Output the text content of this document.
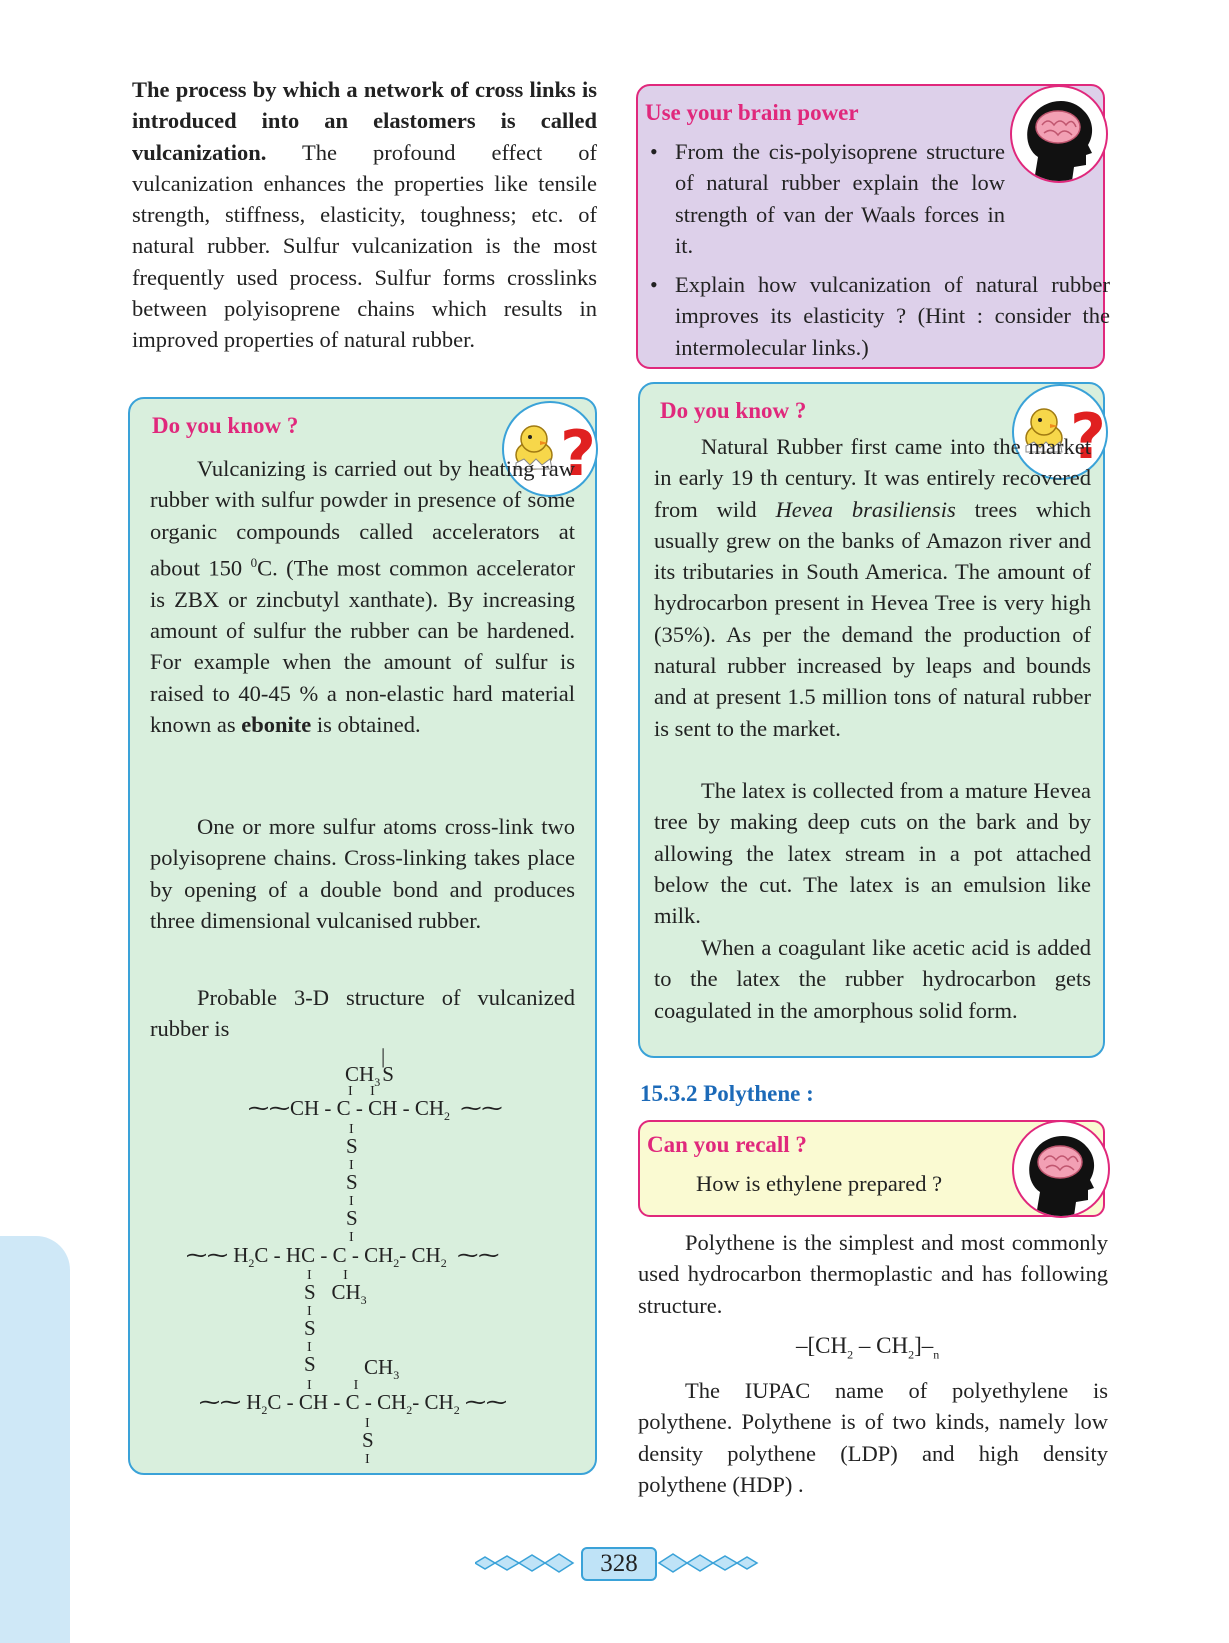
The process by which a network of cross links is introduced into an elastomers is called vulcanization. The profound effect of vulcanization enhances the properties like tensile strength, stiffness, elasticity, toughness; etc. of natural rubber. Sulfur vulcanization is the most frequently used process. Sulfur forms crosslinks between polyisoprene chains which results in improved properties of natural rubber.

Do you know ?	?

Vulcanizing is carried out by heating raw rubber with sulfur powder in presence of some organic compounds called accelerators at about 150 $^0$C. (The most common accelerator is ZBX or zincbutyl xanthate). By increasing amount of sulfur the rubber can be hardened. For example when the amount of sulfur is raised to 40-45 % a non-elastic hard material known as ebonite is obtained.

One or more sulfur atoms cross-link two polyisoprene chains. Cross-linking takes place by opening of a double bond and produces three dimensional vulcanised rubber.

Probable 3-D structure of vulcanized rubber is

|
$CH_3S$
I     I
⁓⁓CH - C - CH - $CH_2$  ⁓⁓
I
S
I
S
I
S
I
⁓⁓ $H_2C$ - HC - C - $CH_2-$ $CH_2$  ⁓⁓
I         I
S $CH_3$
I
S
I
S $CH_3$
I            I
⁓⁓ $H_2C$ - CH - C - $CH_2-$ $CH_2$ ⁓⁓
I
S
I
Use your brain power

• From the cis-polyisoprene structure of natural rubber explain the low strength of van der Waals forces in it.

• Explain how vulcanization of natural rubber improves its elasticity ? (Hint : consider the intermolecular links.)

Do you know ?	?

Natural Rubber first came into the market in early 19 th century. It was entirely recovered from wild Hevea brasiliensis trees which usually grew on the banks of Amazon river and its tributaries in South America. The amount of hydrocarbon present in Hevea Tree is very high (35%). As per the demand the production of natural rubber increased by leaps and bounds and at present 1.5 million tons of natural rubber is sent to the market.

The latex is collected from a mature Hevea tree by making deep cuts on the bark and by allowing the latex stream in a pot attached below the cut. The latex is an emulsion like milk.

When a coagulant like acetic acid is added to the latex the rubber hydrocarbon gets coagulated in the amorphous solid form.

15.3.2 Polythene :
Can you recall ?
How is ethylene prepared ?

Polythene is the simplest and most commonly used hydrocarbon thermoplastic and has following structure.

$-[CH_2 - CH_2]-_n$

The IUPAC name of polyethylene is polythene. Polythene is of two kinds, namely low density polythene (LDP) and high density polythene (HDP) .

328
